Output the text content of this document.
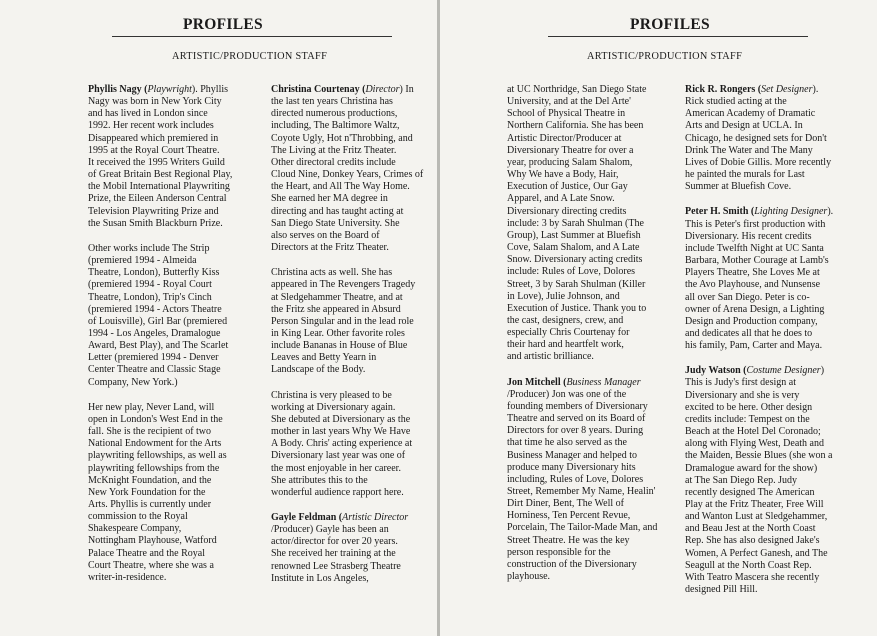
PROFILES
ARTISTIC/PRODUCTION STAFF

Phyllis Nagy (Playwright). Phyllis

Nagy was born in New York City

and has lived in London since

1992. Her recent work includes

Disappeared which premiered in

1995 at the Royal Court Theatre.

It received the 1995 Writers Guild

of Great Britain Best Regional Play,

the Mobil International Playwriting

Prize, the Eileen Anderson Central

Television Playwriting Prize and

the Susan Smith Blackburn Prize.

Other works include The Strip

(premiered 1994 - Almeida

Theatre, London), Butterfly Kiss

(premiered 1994 - Royal Court

Theatre, London), Trip's Cinch

(premiered 1994 - Actors Theatre

of Louisville), Girl Bar (premiered

1994 - Los Angeles, Dramalogue

Award, Best Play), and The Scarlet

Letter (premiered 1994 - Denver

Center Theatre and Classic Stage

Company, New York.)

Her new play, Never Land, will

open in London's West End in the

fall. She is the recipient of two

National Endowment for the Arts

playwriting fellowships, as well as

playwriting fellowships from the

McKnight Foundation, and the

New York Foundation for the

Arts. Phyllis is currently under

commission to the Royal

Shakespeare Company,

Nottingham Playhouse, Watford

Palace Theatre and the Royal

Court Theatre, where she was a

writer-in-residence.

Christina Courtenay (Director) In

the last ten years Christina has

directed numerous productions,

including, The Baltimore Waltz,

Coyote Ugly, Hot n'Throbbing, and

The Living at the Fritz Theater.

Other directoral credits include

Cloud Nine, Donkey Years, Crimes of

the Heart, and All The Way Home.

She earned her MA degree in

directing and has taught acting at

San Diego State University. She

also serves on the Board of

Directors at the Fritz Theater.

Christina acts as well. She has

appeared in The Revengers Tragedy

at Sledgehammer Theatre, and at

the Fritz she appeared in Absurd

Person Singular and in the lead role

in King Lear. Other favorite roles

include Bananas in House of Blue

Leaves and Betty Yearn in

Landscape of the Body.

Christina is very pleased to be

working at Diversionary again.

She debuted at Diversionary as the

mother in last years Why We Have

A Body. Chris' acting experience at

Diversionary last year was one of

the most enjoyable in her career.

She attributes this to the

wonderful audience rapport here.

Gayle Feldman (Artistic Director

/Producer) Gayle has been an

actor/director for over 20 years.

She received her training at the

renowned Lee Strasberg Theatre

Institute in Los Angeles,

PROFILES
ARTISTIC/PRODUCTION STAFF

at UC Northridge, San Diego State

University, and at the Del Arte'

School of Physical Theatre in

Northern California. She has been

Artistic Director/Producer at

Diversionary Theatre for over a

year, producing Salam Shalom,

Why We have a Body, Hair,

Execution of Justice, Our Gay

Apparel, and A Late Snow.

Diversionary directing credits

include: 3 by Sarah Shulman (The

Group), Last Summer at Bluefish

Cove, Salam Shalom, and A Late

Snow. Diversionary acting credits

include: Rules of Love, Dolores

Street, 3 by Sarah Shulman (Killer

in Love), Julie Johnson, and

Execution of Justice. Thank you to

the cast, designers, crew, and

especially Chris Courtenay for

their hard and heartfelt work,

and artistic brilliance.

Jon Mitchell (Business Manager

/Producer) Jon was one of the

founding members of Diversionary

Theatre and served on its Board of

Directors for over 8 years. During

that time he also served as the

Business Manager and helped to

produce many Diversionary hits

including, Rules of Love, Dolores

Street, Remember My Name, Healin'

Dirt Diner, Bent, The Well of

Horniness, Ten Percent Revue,

Porcelain, The Tailor-Made Man, and

Street Theatre. He was the key

person responsible for the

construction of the Diversionary

playhouse.

Rick R. Rongers (Set Designer).

Rick studied acting at the

American Academy of Dramatic

Arts and Design at UCLA. In

Chicago, he designed sets for Don't

Drink The Water and The Many

Lives of Dobie Gillis. More recently

he painted the murals for Last

Summer at Bluefish Cove.

Peter H. Smith (Lighting Designer).

This is Peter's first production with

Diversionary. His recent credits

include Twelfth Night at UC Santa

Barbara, Mother Courage at Lamb's

Players Theatre, She Loves Me at

the Avo Playhouse, and Nunsense

all over San Diego. Peter is co-

owner of Arena Design, a Lighting

Design and Production company,

and dedicates all that he does to

his family, Pam, Carter and Maya.

Judy Watson (Costume Designer)

This is Judy's first design at

Diversionary and she is very

excited to be here. Other design

credits include: Tempest on the

Beach at the Hotel Del Coronado;

along with Flying West, Death and

the Maiden, Bessie Blues (she won a

Dramalogue award for the show)

at The San Diego Rep. Judy

recently designed The American

Play at the Fritz Theater, Free Will

and Wanton Lust at Sledgehammer,

and Beau Jest at the North Coast

Rep. She has also designed Jake's

Women, A Perfect Ganesh, and The

Seagull at the North Coast Rep.

With Teatro Mascera she recently

designed Pill Hill.
